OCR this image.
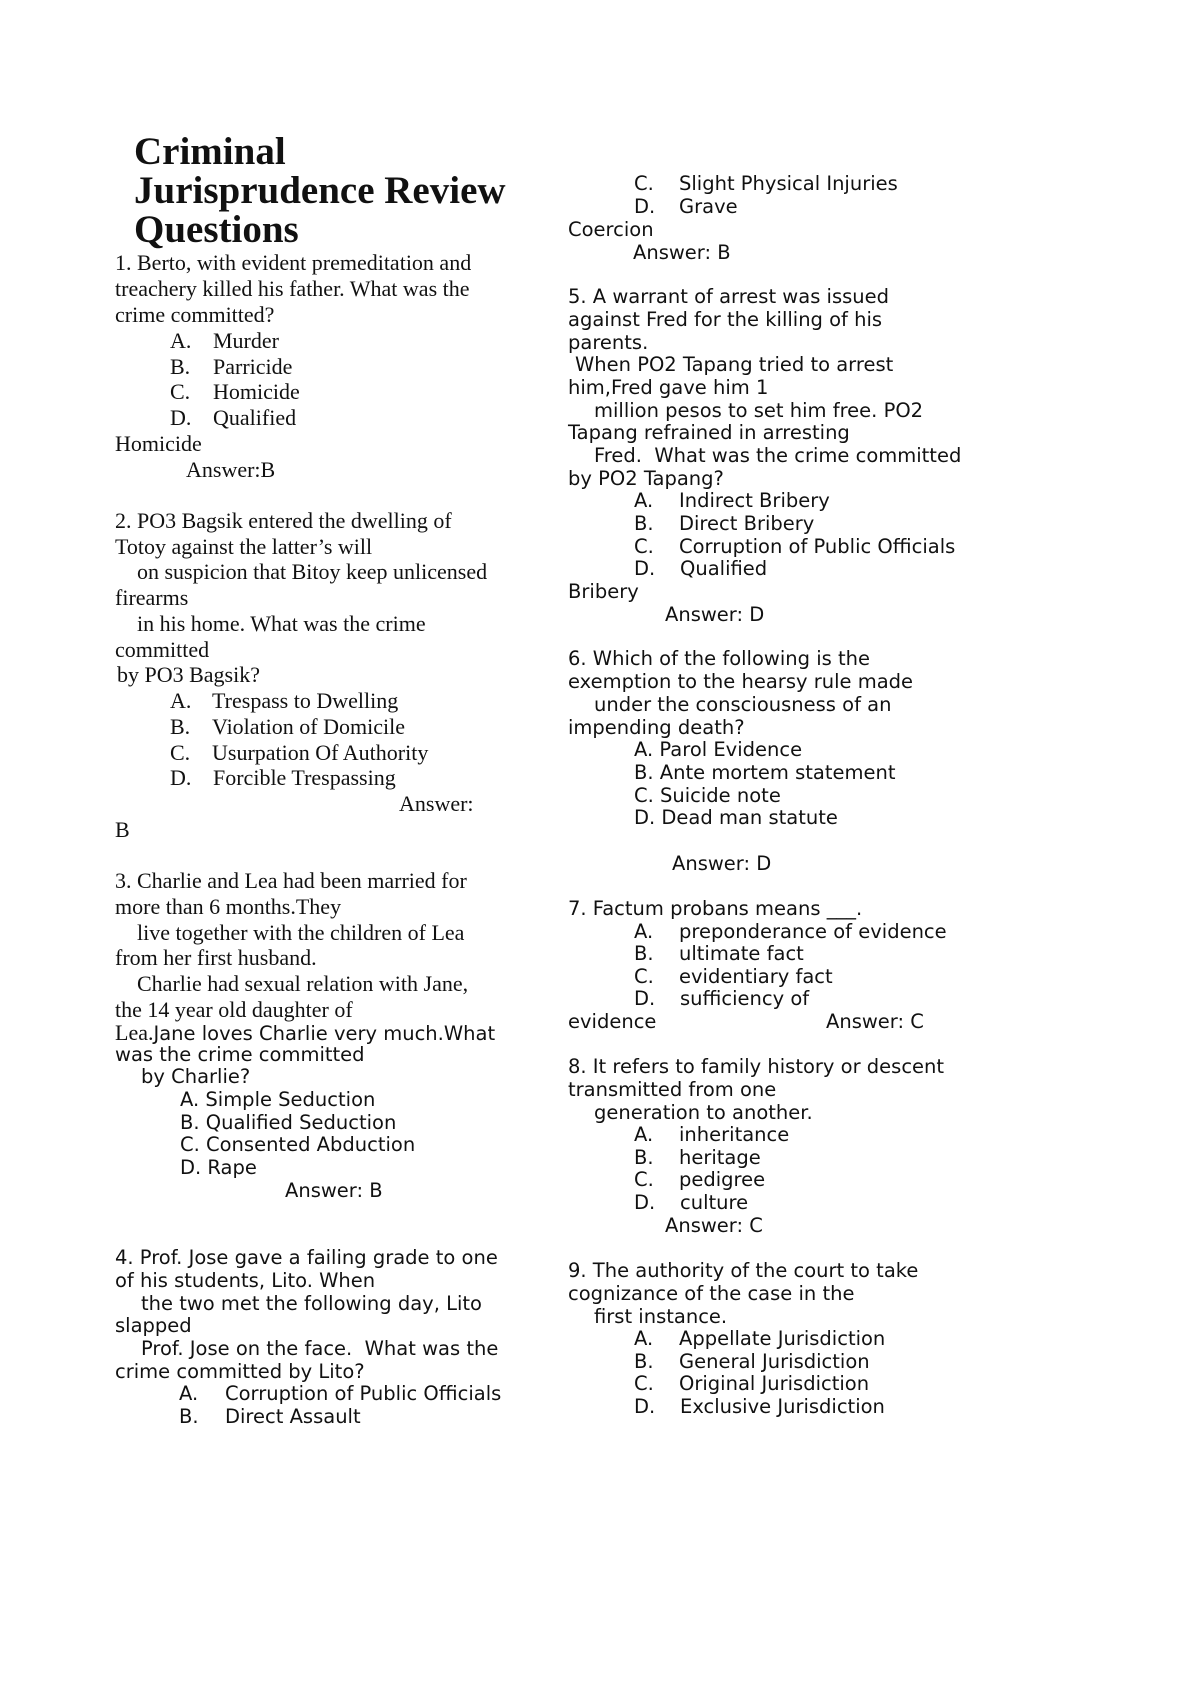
Criminal
Jurisprudence Review
Questions
1. Berto, with evident premeditation and
treachery killed his father. What was the
crime committed?
A. Murder
B. Parricide
C. Homicide
D. Qualified
Homicide
Answer:B
2. PO3 Bagsik entered the dwelling of
Totoy against the latter’s will
on suspicion that Bitoy keep unlicensed
firearms
in his home. What was the crime
committed
by PO3 Bagsik?
A. Trespass to Dwelling
B. Violation of Domicile
C. Usurpation Of Authority
D. Forcible Trespassing
Answer:
B
3. Charlie and Lea had been married for
more than 6 months.They
live together with the children of Lea
from her first husband.
Charlie had sexual relation with Jane,
the 14 year old daughter of
Lea.Jane loves Charlie very much.What
was the crime committed
by Charlie?
A. Simple Seduction
B. Qualified Seduction
C. Consented Abduction
D. Rape
Answer: B
4. Prof. Jose gave a failing grade to one
of his students, Lito. When
the two met the following day, Lito
slapped
Prof. Jose on the face.  What was the
crime committed by Lito?
A. Corruption of Public Officials
B. Direct Assault
C. Slight Physical Injuries
D. Grave
Coercion
Answer: B
5. A warrant of arrest was issued
against Fred for the killing of his
parents.
When PO2 Tapang tried to arrest
him,Fred gave him 1
million pesos to set him free. PO2
Tapang refrained in arresting
Fred.  What was the crime committed
by PO2 Tapang?
A. Indirect Bribery
B. Direct Bribery
C. Corruption of Public Officials
D. Qualified
Bribery
Answer: D
6. Which of the following is the
exemption to the hearsy rule made
under the consciousness of an
impending death?
A. Parol Evidence
B. Ante mortem statement
C. Suicide note
D. Dead man statute
Answer: D
7. Factum probans means ___.
A. preponderance of evidence
B. ultimate fact
C. evidentiary fact
D. sufficiency of
evidence	Answer: C
8. It refers to family history or descent
transmitted from one
generation to another.
A. inheritance
B. heritage
C. pedigree
D. culture
Answer: C
9. The authority of the court to take
cognizance of the case in the
first instance.
A. Appellate Jurisdiction
B. General Jurisdiction
C. Original Jurisdiction
D. Exclusive Jurisdiction
